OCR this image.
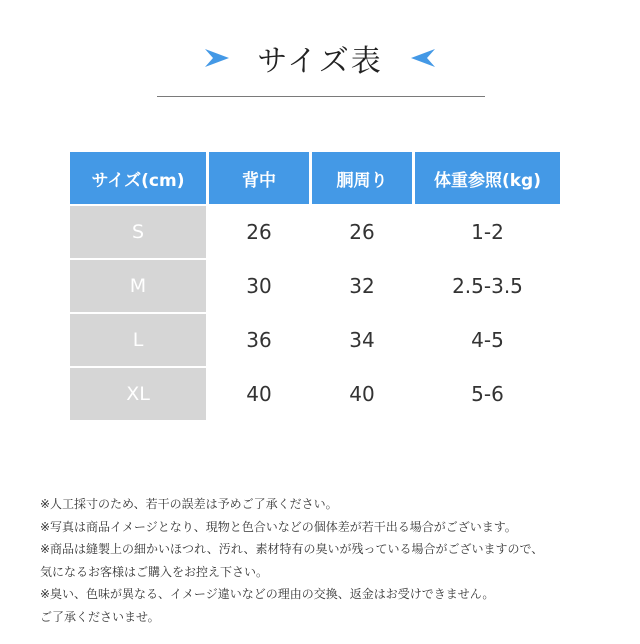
サイズ表
サイズ(cm)	背中	胴周り	体重参照(kg)
S	26	26	1-2
M	30	32	2.5-3.5
L	36	34	4-5
XL	40	40	5-6
※人工採寸のため、若干の誤差は予めご了承ください。
※写真は商品イメージとなり、現物と色合いなどの個体差が若干出る場合がございます。
※商品は縫製上の細かいほつれ、汚れ、素材特有の臭いが残っている場合がございますので、
気になるお客様はご購入をお控え下さい。
※臭い、色味が異なる、イメージ違いなどの理由の交換、返金はお受けできません。
ご了承くださいませ。
